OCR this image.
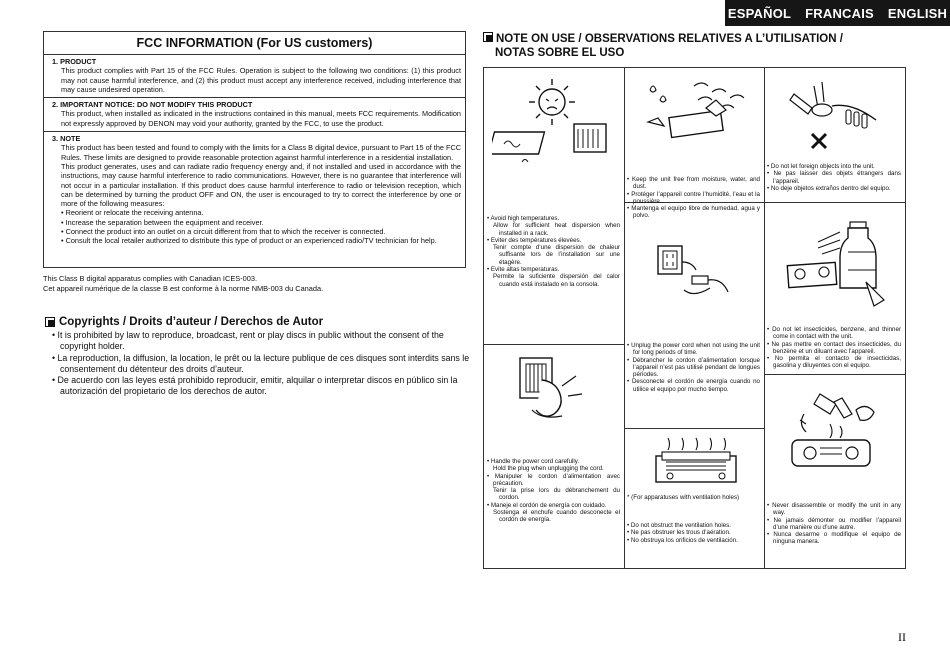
ESPAÑOL FRANCAIS ENGLISH
FCC INFORMATION (For US customers)
1. PRODUCT
This product complies with Part 15 of the FCC Rules. Operation is subject to the following two conditions: (1) this product may not cause harmful interference, and (2) this product must accept any interference received, including interference that may cause undesired operation.
2. IMPORTANT NOTICE: DO NOT MODIFY THIS PRODUCT
This product, when installed as indicated in the instructions contained in this manual, meets FCC requirements. Modification not expressly approved by DENON may void your authority, granted by the FCC, to use the product.
3. NOTE
This product has been tested and found to comply with the limits for a Class B digital device, pursuant to Part 15 of the FCC Rules. These limits are designed to provide reasonable protection against harmful interference in a residential installation.
This product generates, uses and can radiate radio frequency energy and, if not installed and used in accordance with the instructions, may cause harmful interference to radio communications. However, there is no guarantee that interference will not occur in a particular installation. If this product does cause harmful interference to radio or television reception, which can be determined by turning the product OFF and ON, the user is encouraged to try to correct the interference by one or more of the following measures:
• Reorient or relocate the receiving antenna.
• Increase the separation between the equipment and receiver.
• Connect the product into an outlet on a circuit different from that to which the receiver is connected.
• Consult the local retailer authorized to distribute this type of product or an experienced radio/TV technician for help.
This Class B digital apparatus complies with Canadian ICES-003.
Cet appareil numérique de la classe B est conforme à la norme NMB-003 du Canada.
Copyrights / Droits d’auteur / Derechos de Autor
• It is prohibited by law to reproduce, broadcast, rent or play discs in public without the consent of the copyright holder.
• La reproduction, la diffusion, la location, le prêt ou la lecture publique de ces disques sont interdits sans le consentement du détenteur des droits d’auteur.
• De acuerdo con las leyes está prohibido reproducir, emitir, alquilar o interpretar discos en público sin la autorización del propietario de los derechos de autor.
NOTE ON USE / OBSERVATIONS RELATIVES A L’UTILISATION /
NOTAS SOBRE EL USO
• Avoid high temperatures.
Allow for sufficient heat dispersion when installed in a rack.
• Eviter des températures élevées.
Tenir compte d’une dispersion de chaleur suffisante lors de l’installation sur une étagère.
• Evite altas temperaturas.
Permite la suficiente dispersión del calor cuando está instalado en la consola.
• Handle the power cord carefully.
Hold the plug when unplugging the cord.
• Manipuler le cordon d’alimentation avec précaution.
Tenir la prise lors du débranchement du cordon.
• Maneje el cordón de energía con cuidado.
Sostenga el enchufe cuando desconecte el cordón de energía.
• Keep the unit free from moisture, water, and dust.
• Protéger l’appareil contre l’humidité, l’eau et la poussière.
• Mantenga el equipo libre de humedad, agua y polvo.
• Unplug the power cord when not using the unit for long periods of time.
• Débrancher le cordon d’alimentation lorsque l’appareil n’est pas utilisé pendant de longues périodes.
• Desconecte el cordón de energía cuando no utilice el equipo por mucho tiempo.
* (For apparatuses with ventilation holes)
• Do not obstruct the ventilation holes.
• Ne pas obstruer les trous d’aération.
• No obstruya los orificios de ventilación.
• Do not let foreign objects into the unit.
• Ne pas laisser des objets étrangers dans l’appareil.
• No deje objetos extraños dentro del equipo.
• Do not let insecticides, benzene, and thinner come in contact with the unit.
• Ne pas mettre en contact des insecticides, du benzène et un diluant avec l’appareil.
• No permita el contacto de insecticidas, gasolina y diluyentes con el equipo.
• Never disassemble or modify the unit in any way.
• Ne jamais démonter ou modifier l’appareil d’une manière ou d’une autre.
• Nunca desarme o modifique el equipo de ninguna manera.
II
